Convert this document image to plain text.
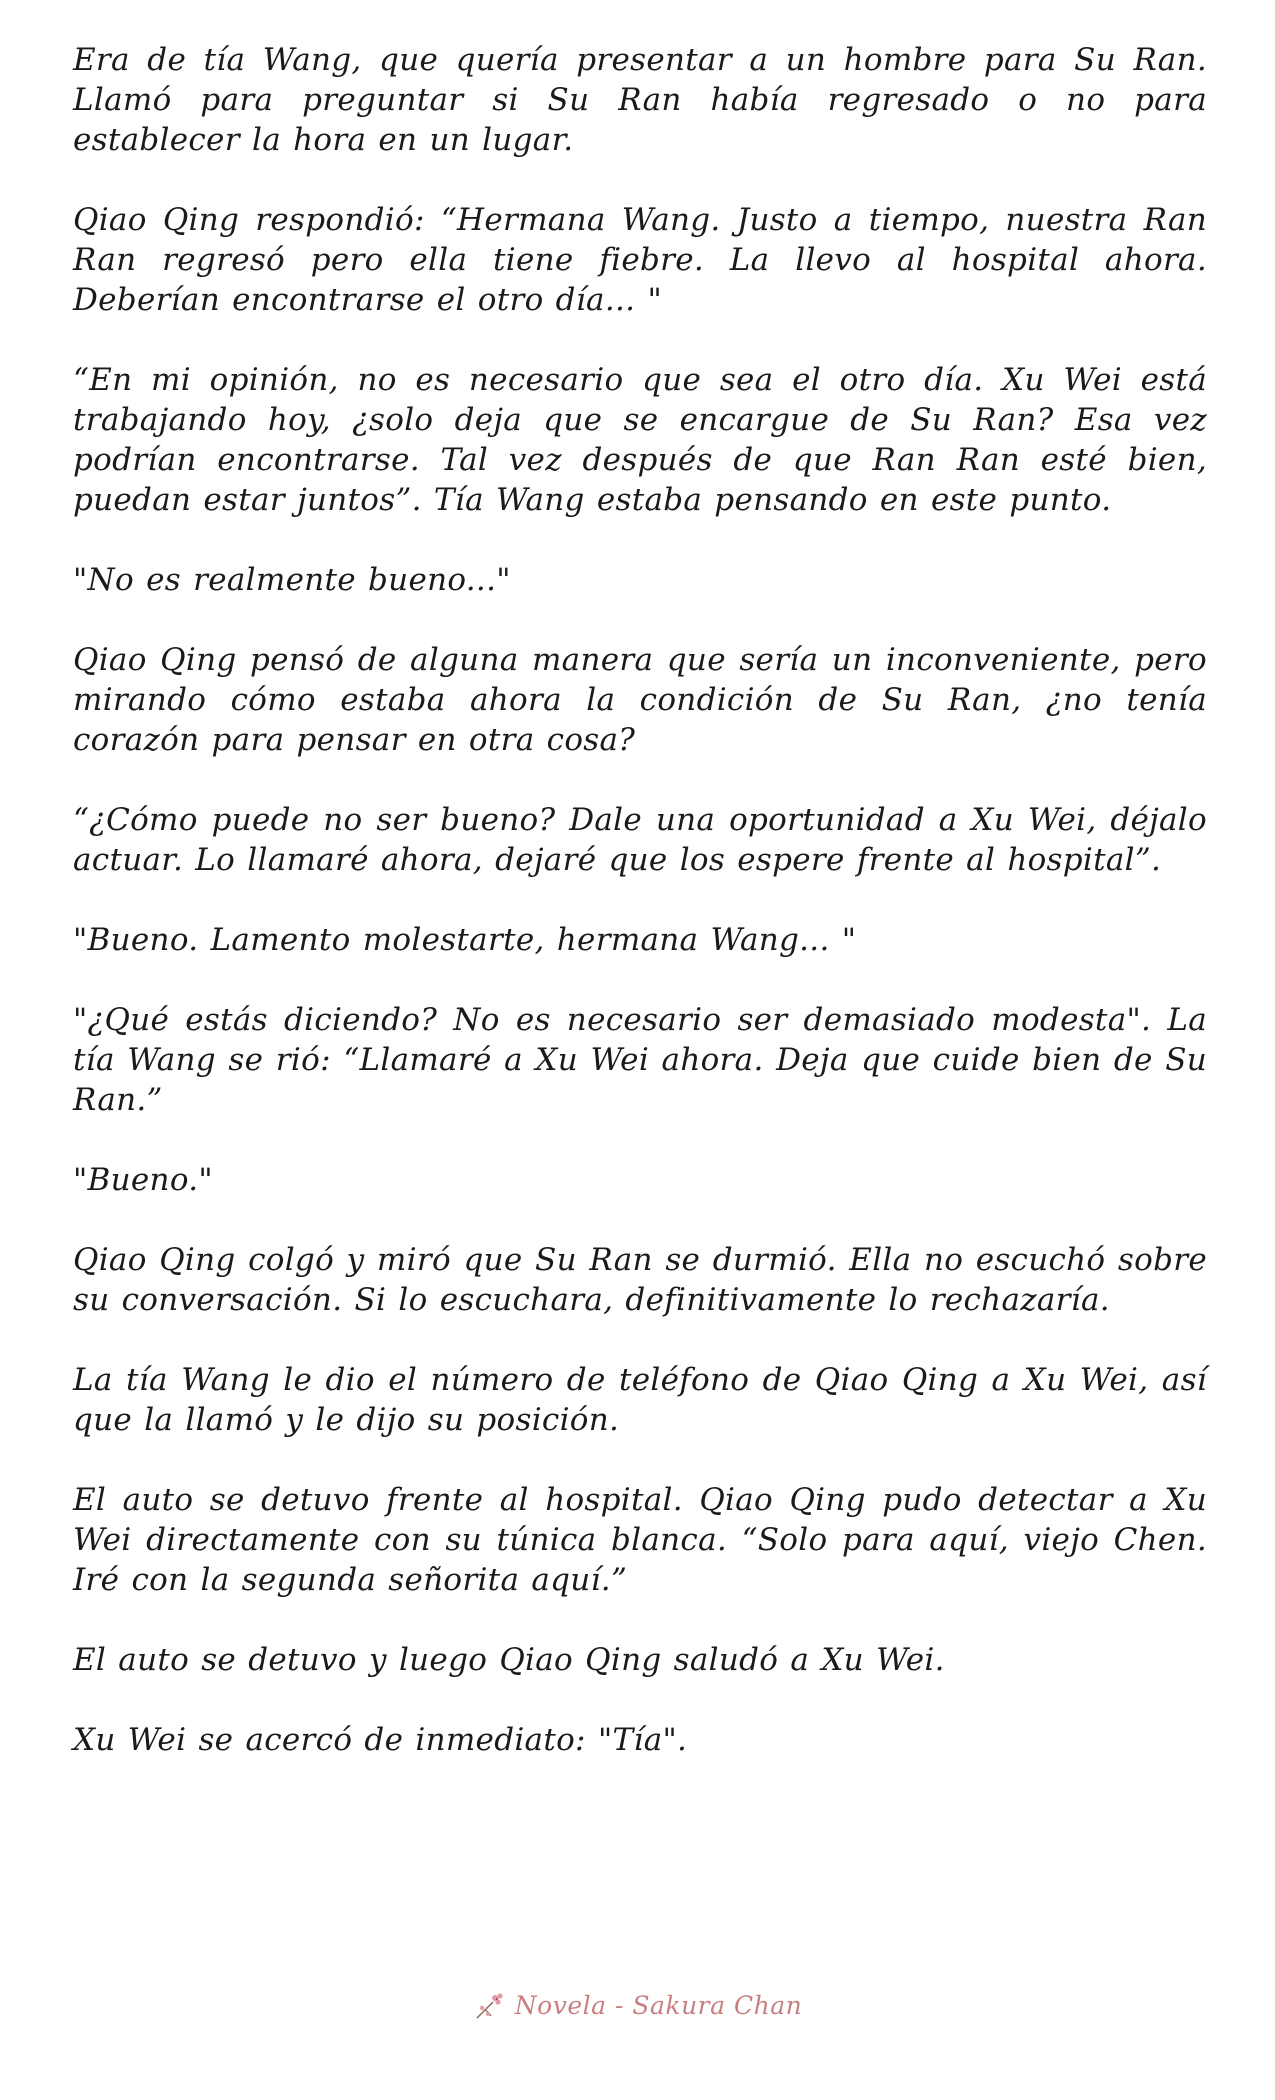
Era de tía Wang, que quería presentar a un hombre para Su Ran. Llamó para preguntar si Su Ran había regresado o no para establecer la hora en un lugar.

Qiao Qing respondió: “Hermana Wang. Justo a tiempo, nuestra Ran Ran regresó pero ella tiene fiebre. La llevo al hospital ahora. Deberían encontrarse el otro día... "

“En mi opinión, no es necesario que sea el otro día. Xu Wei está trabajando hoy, ¿solo deja que se encargue de Su Ran? Esa vez podrían encontrarse. Tal vez después de que Ran Ran esté bien, puedan estar juntos”. Tía Wang estaba pensando en este punto.

"No es realmente bueno..."

Qiao Qing pensó de alguna manera que sería un inconveniente, pero mirando cómo estaba ahora la condición de Su Ran, ¿no tenía corazón para pensar en otra cosa?

“¿Cómo puede no ser bueno? Dale una oportunidad a Xu Wei, déjalo actuar. Lo llamaré ahora, dejaré que los espere frente al hospital”.

"Bueno. Lamento molestarte, hermana Wang... "

"¿Qué estás diciendo? No es necesario ser demasiado modesta". La tía Wang se rió: “Llamaré a Xu Wei ahora. Deja que cuide bien de Su Ran.”

"Bueno."

Qiao Qing colgó y miró que Su Ran se durmió. Ella no escuchó sobre su conversación. Si lo escuchara, definitivamente lo rechazaría.

La tía Wang le dio el número de teléfono de Qiao Qing a Xu Wei, así que la llamó y le dijo su posición.

El auto se detuvo frente al hospital. Qiao Qing pudo detectar a Xu Wei directamente con su túnica blanca. “Solo para aquí, viejo Chen. Iré con la segunda señorita aquí.”

El auto se detuvo y luego Qiao Qing saludó a Xu Wei.

Xu Wei se acercó de inmediato: "Tía".

Novela - Sakura Chan
